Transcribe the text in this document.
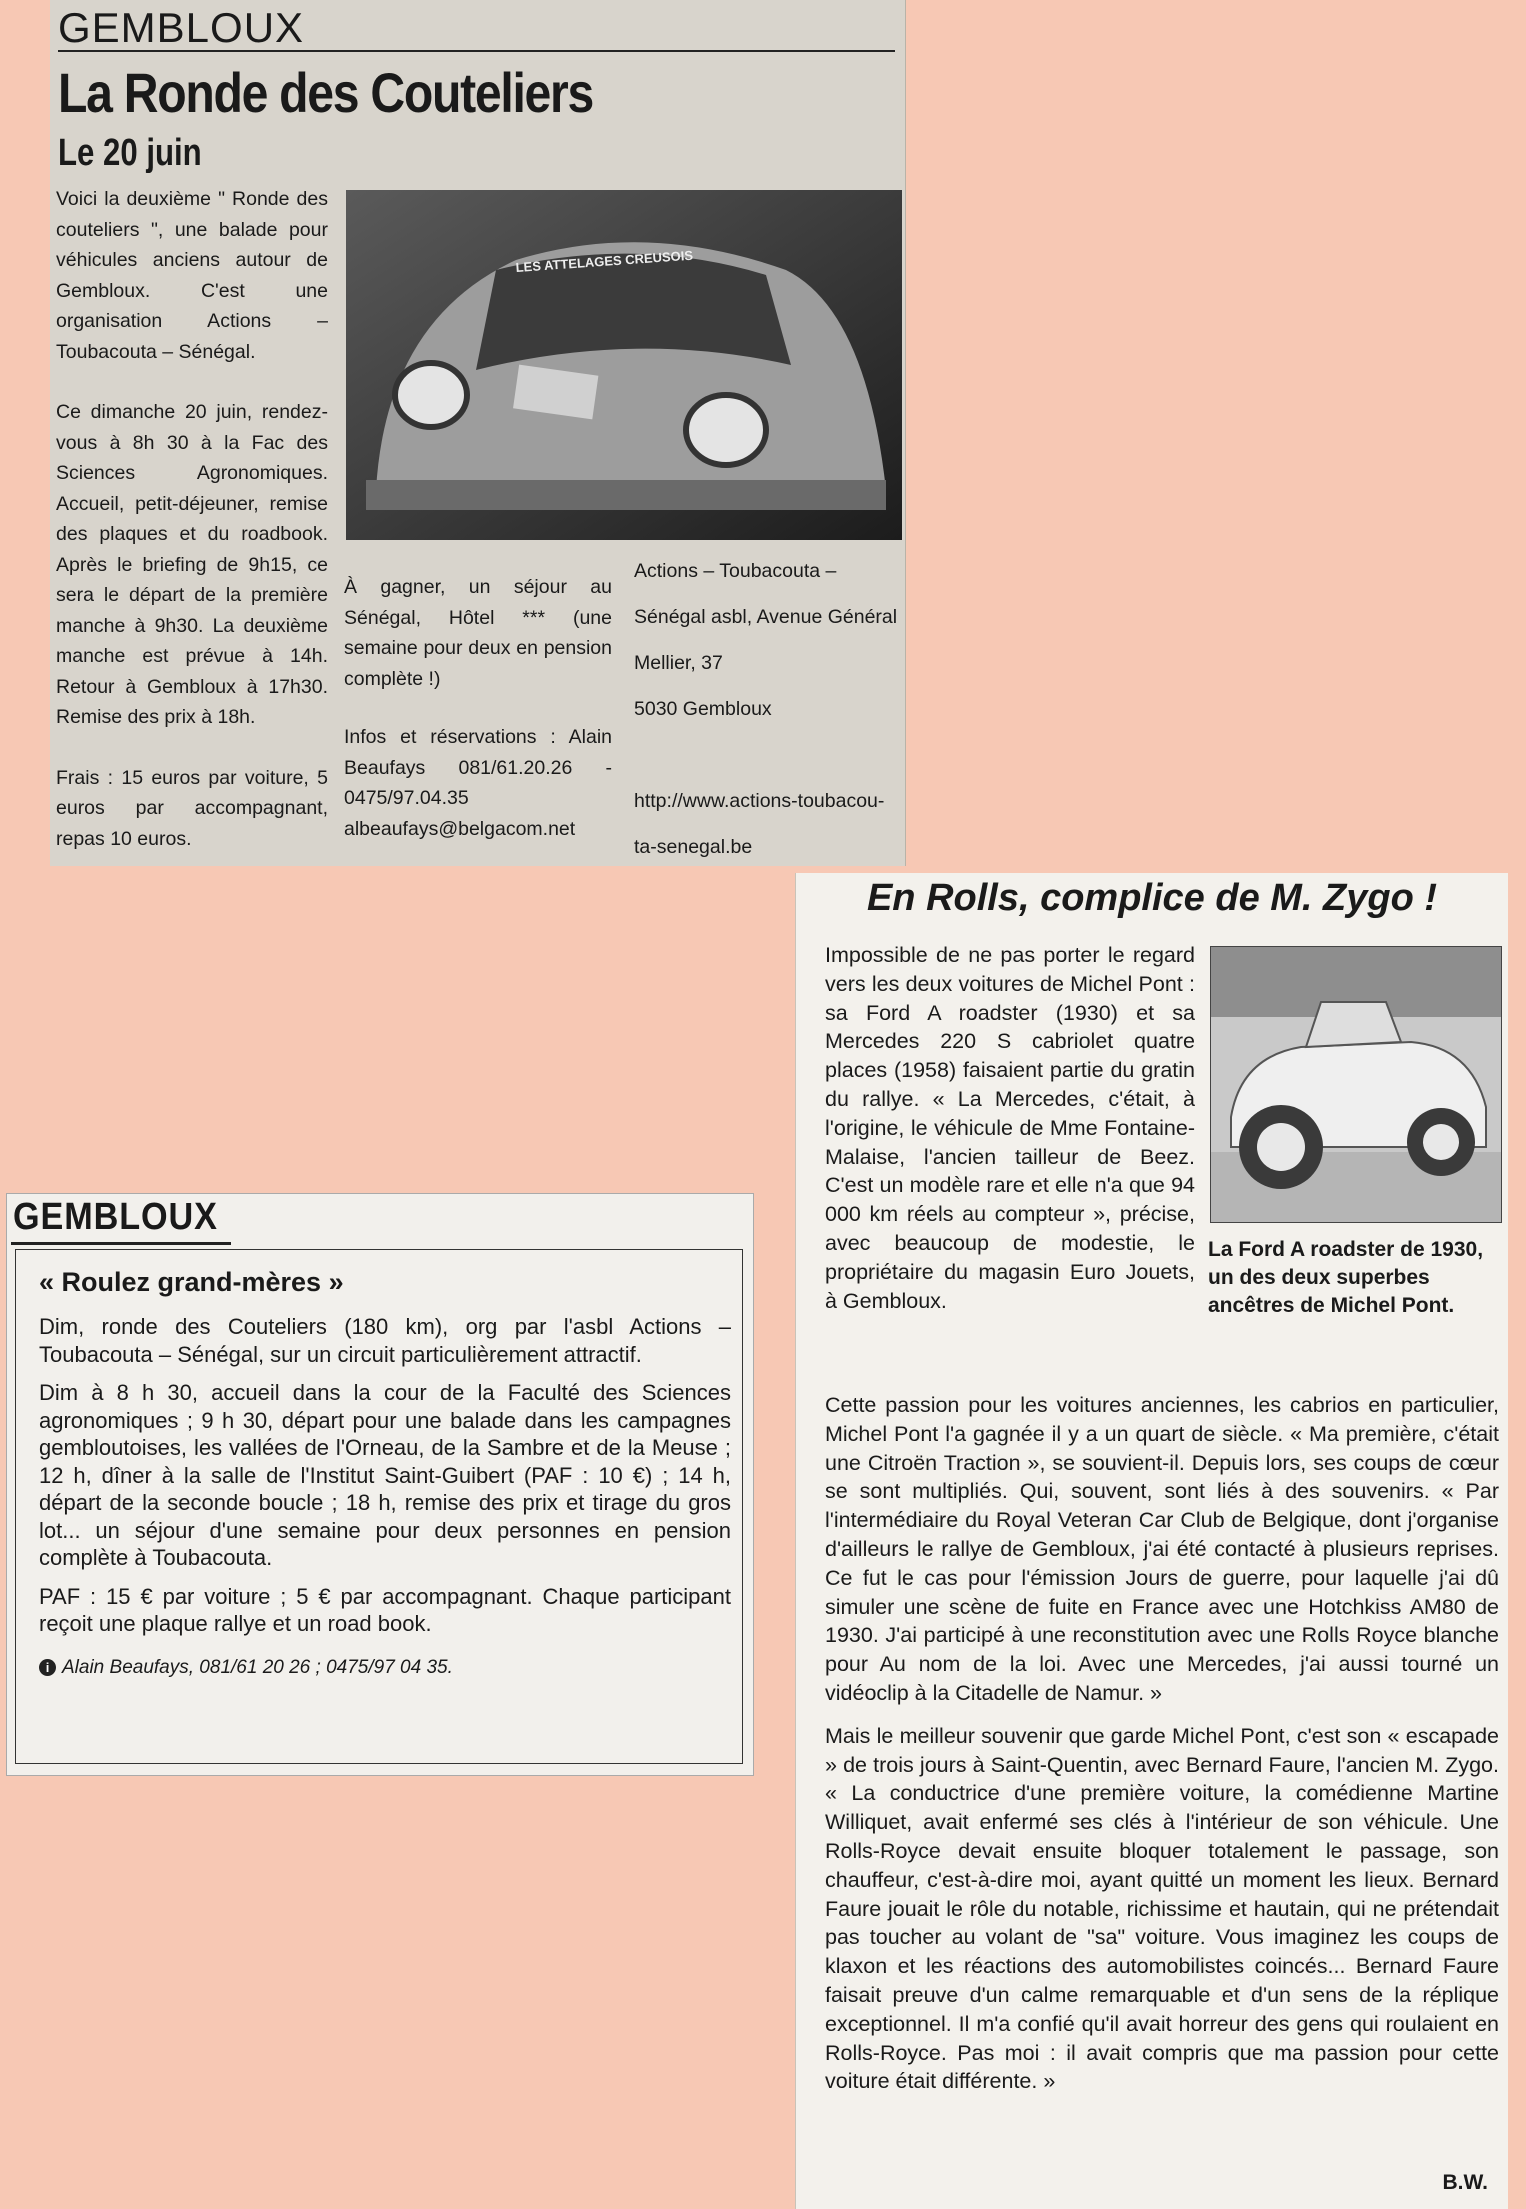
GEMBLOUX
La Ronde des Couteliers
Le 20 juin

Voici la deuxième " Ronde des couteliers ", une balade pour véhicules anciens autour de Gembloux. C'est une organisation Actions – Toubacouta – Sénégal.

Ce dimanche 20 juin, rendez-vous à 8h 30 à la Fac des Sciences Agronomiques. Accueil, petit-déjeuner, remise des plaques et du roadbook. Après le briefing de 9h15, ce sera le départ de la première manche à 9h30. La deuxième manche est prévue à 14h. Retour à Gembloux à 17h30. Remise des prix à 18h.

Frais : 15 euros par voiture, 5 euros par accompagnant, repas 10 euros.

LES ATTELAGES CREUSOIS

À gagner, un séjour au Sénégal, Hôtel *** (une semaine pour deux en pension complète !)

Infos et réservations : Alain Beaufays 081/61.20.26 - 0475/97.04.35 albeaufays@belgacom.net

Actions – Toubacouta –

Sénégal asbl, Avenue Général

Mellier, 37

5030 Gembloux

http://www.actions-toubacou-

ta-senegal.be

GEMBLOUX
« Roulez grand-mères »

Dim, ronde des Couteliers (180 km), org par l'asbl Actions – Toubacouta – Sénégal, sur un circuit particulièrement attractif.

Dim à 8 h 30, accueil dans la cour de la Faculté des Sciences agronomiques ; 9 h 30, départ pour une balade dans les campagnes gembloutoises, les vallées de l'Orneau, de la Sambre et de la Meuse ; 12 h, dîner à la salle de l'Institut Saint-Guibert (PAF : 10 €) ; 14 h, départ de la seconde boucle ; 18 h, remise des prix et tirage du gros lot... un séjour d'une semaine pour deux personnes en pension complète à Toubacouta.

PAF : 15 € par voiture ; 5 € par accompagnant. Chaque participant reçoit une plaque rallye et un road book.

i Alain Beaufays, 081/61 20 26 ; 0475/97 04 35.

En Rolls, complice de M. Zygo !

Impossible de ne pas porter le regard vers les deux voitures de Michel Pont : sa Ford A roadster (1930) et sa Mercedes 220 S cabriolet quatre places (1958) faisaient partie du gratin du rallye. « La Mercedes, c'était, à l'origine, le véhicule de Mme Fontaine-Malaise, l'ancien tailleur de Beez. C'est un modèle rare et elle n'a que 94 000 km réels au compteur », précise, avec beaucoup de modestie, le propriétaire du magasin Euro Jouets, à Gembloux.

La Ford A roadster de 1930, un des deux superbes ancêtres de Michel Pont.

Cette passion pour les voitures anciennes, les cabrios en particulier, Michel Pont l'a gagnée il y a un quart de siècle. « Ma première, c'était une Citroën Traction », se souvient-il. Depuis lors, ses coups de cœur se sont multipliés. Qui, souvent, sont liés à des souvenirs. « Par l'intermédiaire du Royal Veteran Car Club de Belgique, dont j'organise d'ailleurs le rallye de Gembloux, j'ai été contacté à plusieurs reprises. Ce fut le cas pour l'émission Jours de guerre, pour laquelle j'ai dû simuler une scène de fuite en France avec une Hotchkiss AM80 de 1930. J'ai participé à une reconstitution avec une Rolls Royce blanche pour Au nom de la loi. Avec une Mercedes, j'ai aussi tourné un vidéoclip à la Citadelle de Namur. »

Mais le meilleur souvenir que garde Michel Pont, c'est son « escapade » de trois jours à Saint-Quentin, avec Bernard Faure, l'ancien M. Zygo. « La conductrice d'une première voiture, la comédienne Martine Williquet, avait enfermé ses clés à l'intérieur de son véhicule. Une Rolls-Royce devait ensuite bloquer totalement le passage, son chauffeur, c'est-à-dire moi, ayant quitté un moment les lieux. Bernard Faure jouait le rôle du notable, richissime et hautain, qui ne prétendait pas toucher au volant de "sa" voiture. Vous imaginez les coups de klaxon et les réactions des automobilistes coincés... Bernard Faure faisait preuve d'un calme remarquable et d'un sens de la réplique exceptionnel. Il m'a confié qu'il avait horreur des gens qui roulaient en Rolls-Royce. Pas moi : il avait compris que ma passion pour cette voiture était différente. »

B.W.
